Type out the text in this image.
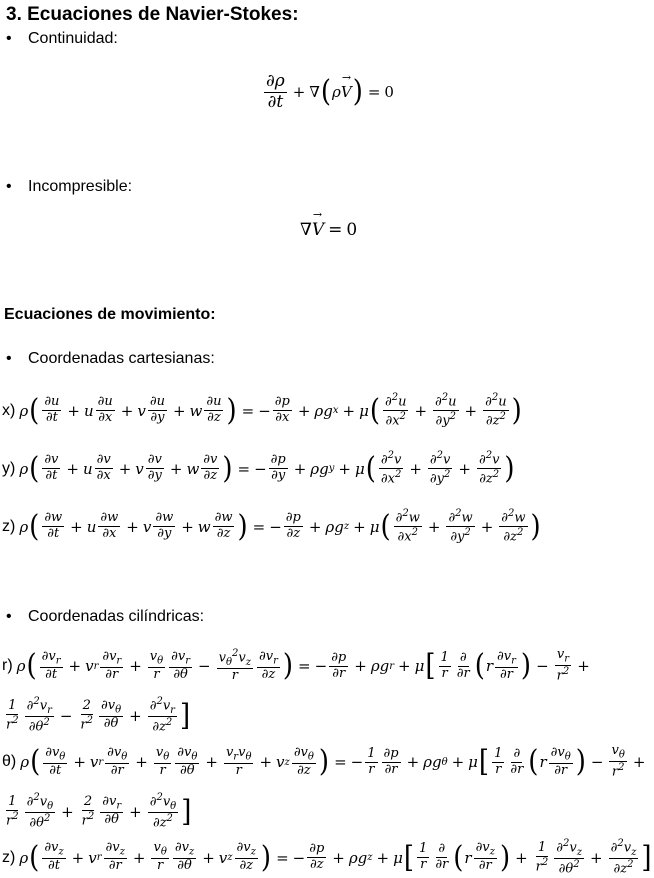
3. Ecuaciones de Navier-Stokes:
• Continuidad:
$\frac{\partial\rho}{\partial t}$ + ∇ ( ρ V
→ ) = 0
• Incompresible:
∇ V
→
= 0
Ecuaciones de movimiento:
• Coordenadas cartesianas:
x) ρ ( $\frac{\partial u}{\partial t} + u \frac{\partial u}{\partial x} + v \frac{\partial u}{\partial y} + w \frac{\partial u}{\partial z}$ ) = − $\frac{\partial p}{\partial x} + \rho g$ x + μ ( $\frac{\partial^2u}{\partial x^2} + \frac{\partial^2u}{\partial y^2} + \frac{\partial^2u}{\partial z^2}$ )
y) ρ ( $\frac{\partial v}{\partial t} + u \frac{\partial v}{\partial x} + v \frac{\partial v}{\partial y} + w \frac{\partial v}{\partial z}$ ) = − $\frac{\partial p}{\partial y} + \rho g$ y + μ ( $\frac{\partial^2v}{\partial x^2} + \frac{\partial^2v}{\partial y^2} + \frac{\partial^2v}{\partial z^2}$ )
z) ρ ( $\frac{\partial w}{\partial t} + u \frac{\partial w}{\partial x} + v \frac{\partial w}{\partial y} + w \frac{\partial w}{\partial z}$ ) = − $\frac{\partial p}{\partial z} + \rho g$ z + μ ( $\frac{\partial^2w}{\partial x^2} + \frac{\partial^2w}{\partial y^2} + \frac{\partial^2w}{\partial z^2}$ )
• Coordenadas cilíndricas:
r) ρ ( $\frac{\partial v_r}{\partial t} + v$ r $\frac{\partial v_r}{\partial r} + \frac{v_\theta}{r} \frac{\partial v_r}{\partial\theta} - \frac{v_\theta^2v_z}{r} \frac{\partial v_r}{\partial z}$ ) = − $\frac{\partial p}{\partial r} + \rho g$ r + μ [ $\frac{1}{r} \frac{\partial}{\partial r}$ ( r $\frac{\partial v_r}{\partial r}$ ) − $\frac{v_r}{r^2}$ +
$\frac{1}{r^2} \frac{\partial^2v_r}{\partial\theta^2} - \frac{2}{r^2} \frac{\partial v_\theta}{\partial\theta} + \frac{\partial^2v_r}{\partial z^2}$ ]
θ) ρ ( $\frac{\partial v_\theta}{\partial t} + v$ r $\frac{\partial v_\theta}{\partial r} + \frac{v_\theta}{r} \frac{\partial v_\theta}{\partial\theta} + \frac{v_rv_\theta}{r} + v$ z $\frac{\partial v_\theta}{\partial z}$ ) = − $\frac{1}{r} \frac{\partial p}{\partial r} + \rho g$ θ + μ [ $\frac{1}{r} \frac{\partial}{\partial r}$ ( r $\frac{\partial v_\theta}{\partial r}$ ) − $\frac{v_\theta}{r^2}$ +
$\frac{1}{r^2} \frac{\partial^2v_\theta}{\partial\theta^2} + \frac{2}{r^2} \frac{\partial v_r}{\partial\theta} + \frac{\partial^2v_\theta}{\partial z^2}$ ]
z) ρ ( $\frac{\partial v_z}{\partial t} + v$ r $\frac{\partial v_z}{\partial r} + \frac{v_\theta}{r} \frac{\partial v_z}{\partial\theta} + v$ z $\frac{\partial v_z}{\partial z}$ ) = − $\frac{\partial p}{\partial z} + \rho g$ z + μ [ $\frac{1}{r} \frac{\partial}{\partial r}$ ( r $\frac{\partial v_z}{\partial r}$ ) + $\frac{1}{r^2} \frac{\partial^2v_z}{\partial\theta^2} + \frac{\partial^2v_z}{\partial z^2}$ ]
